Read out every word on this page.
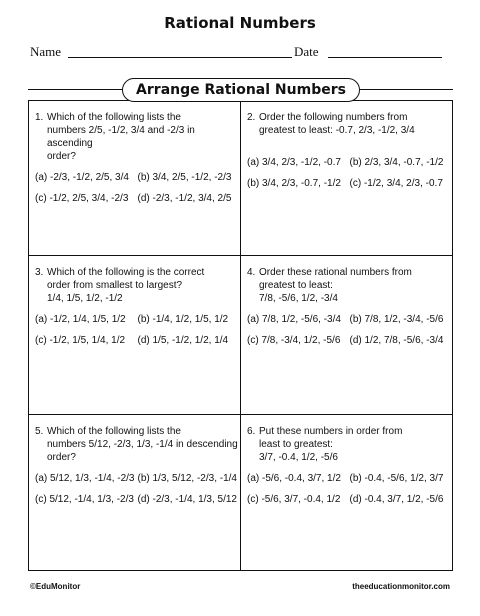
Rational Numbers
Name	Date
Arrange Rational Numbers
1. Which of the following lists the
numbers 2/5, -1/2, 3/4 and -2/3 in ascending
order?
(a) -2/3, -1/2, 2/5, 3/4 (b) 3/4, 2/5, -1/2, -2/3
(c) -1/2, 2/5, 3/4, -2/3 (d) -2/3, -1/2, 3/4, 2/5
2. Order the following numbers from
greatest to least: -0.7, 2/3, -1/2, 3/4
(a) 3/4, 2/3, -1/2, -0.7 (b) 2/3, 3/4, -0.7, -1/2
(b) 3/4, 2/3, -0.7, -1/2 (c) -1/2, 3/4, 2/3, -0.7
3. Which of the following is the correct
order from smallest to largest?
1/4, 1/5, 1/2, -1/2
(a) -1/2, 1/4, 1/5, 1/2	(b) -1/4, 1/2, 1/5, 1/2
(c) -1/2, 1/5, 1/4, 1/2	(d) 1/5, -1/2, 1/2, 1/4
4. Order these rational numbers from
greatest to least:
7/8, -5/6, 1/2, -3/4
(a) 7/8, 1/2, -5/6, -3/4 (b) 7/8, 1/2, -3/4, -5/6
(c) 7/8, -3/4, 1/2, -5/6 (d) 1/2, 7/8, -5/6, -3/4
5. Which of the following lists the
numbers 5/12, -2/3, 1/3, -1/4 in descending
order?
(a) 5/12, 1/3, -1/4, -2/3 (b) 1/3, 5/12, -2/3, -1/4
(c) 5/12, -1/4, 1/3, -2/3 (d) -2/3, -1/4, 1/3, 5/12
6. Put these numbers in order from
least to greatest:
3/7, -0.4, 1/2, -5/6
(a) -5/6, -0.4, 3/7, 1/2 (b) -0.4, -5/6, 1/2, 3/7
(c) -5/6, 3/7, -0.4, 1/2 (d) -0.4, 3/7, 1/2, -5/6
©EduMonitor	theeducationmonitor.com
